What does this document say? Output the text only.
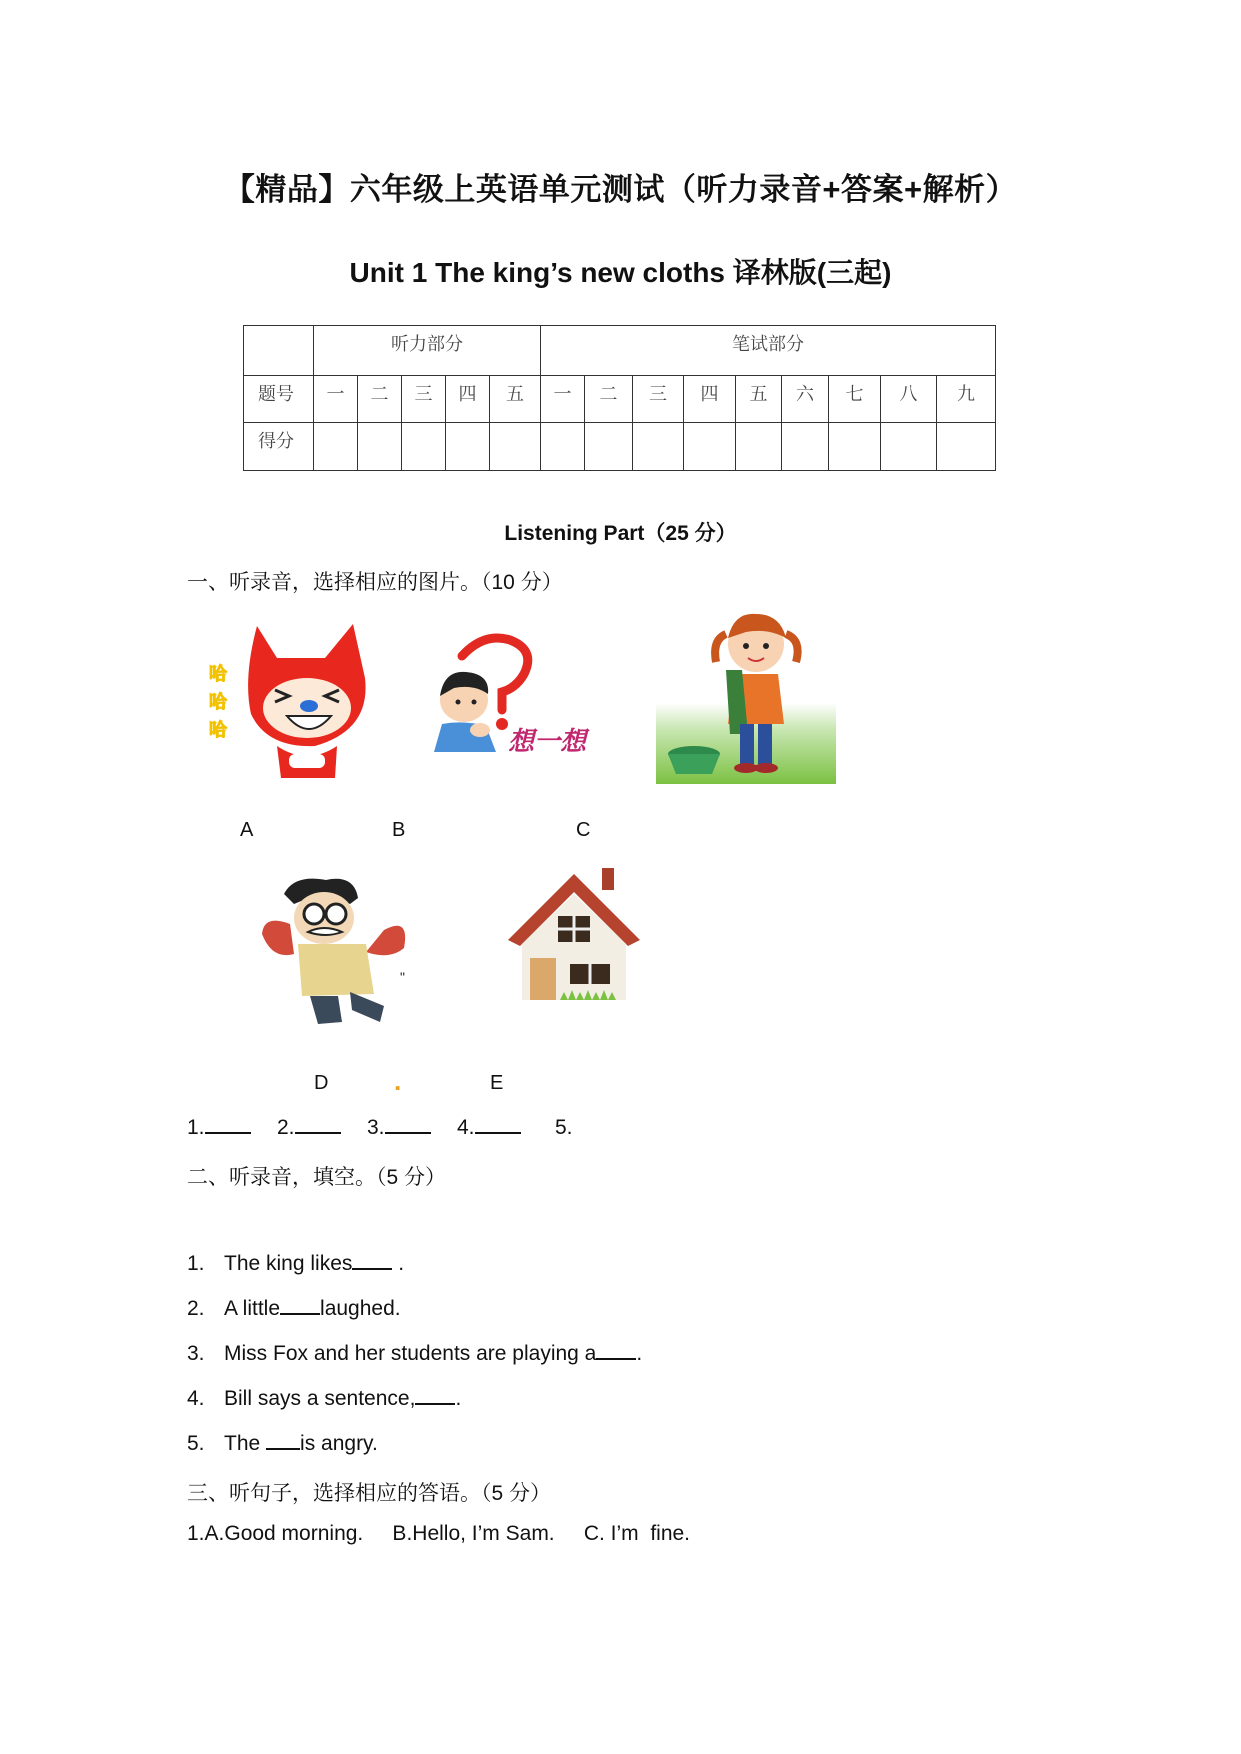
【精品】六年级上英语单元测试（听力录音+答案+解析）
Unit 1 The king’s new cloths 译林版(三起)
	听力部分					笔试部分								
题号	一	二	三	四	五	一	二	三	四	五	六	七	八	九
得分														
Listening Part（25 分）
一、听录音，选择相应的图片。（10 分）
哈
哈
哈	想一想
A	B	C
"
D	.	E
1.	2.	3.	4.	5.
二、听录音，填空。（5 分）
1. The king likes .
2. A little laughed.
3. Miss Fox and her students are playing a .
4. Bill says a sentence, .
5. The is angry.
三、听句子，选择相应的答语。（5 分）
1.A.Good morning.     B.​Hello, I’m Sam.     C. I’m  fine.
